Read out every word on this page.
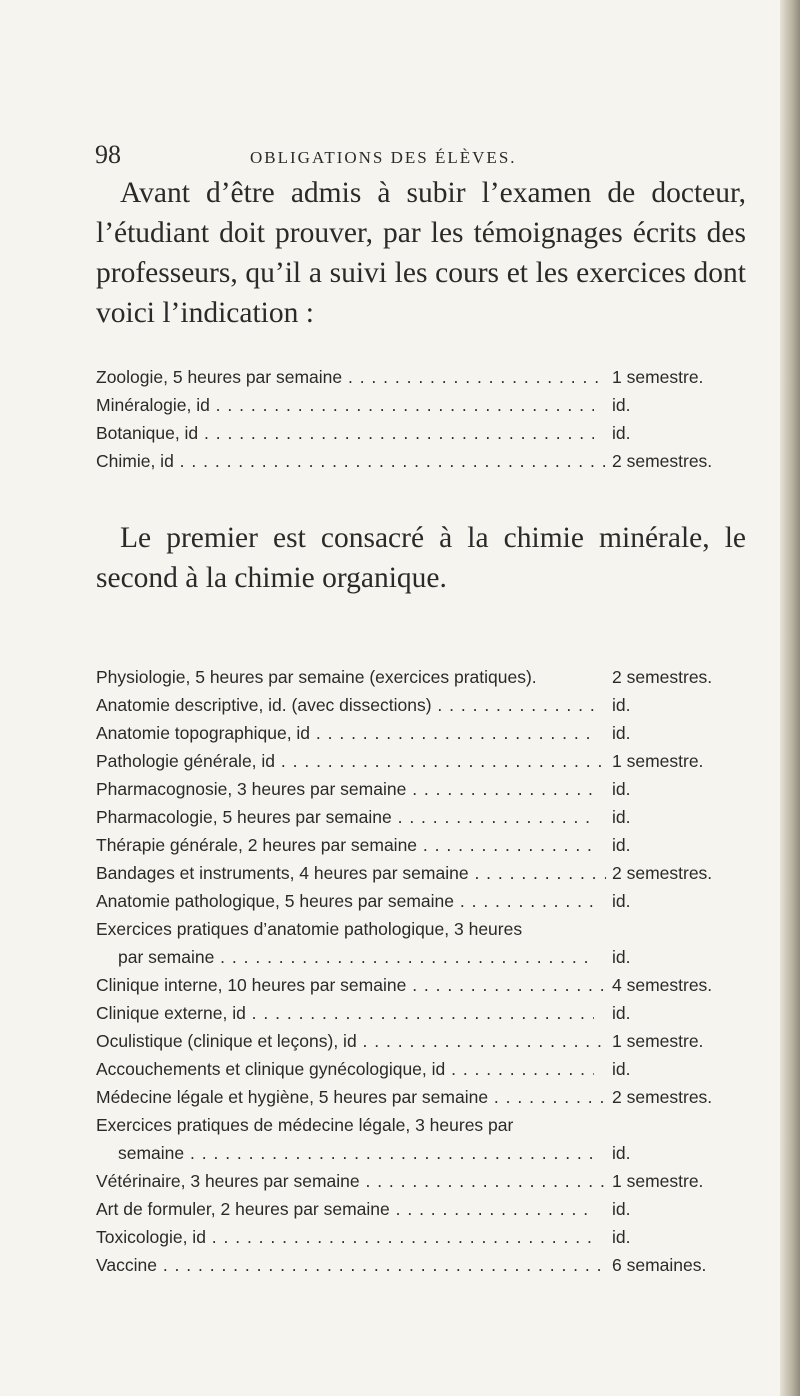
98	OBLIGATIONS DES ÉLÈVES.

Avant d’être admis à subir l’examen de docteur, l’étudiant doit prouver, par les témoignages écrits des professeurs, qu’il a suivi les cours et les exercices dont voici l’indication :

Zoologie, 5 heures par semaine . . .	1 semestre.
Minéralogie, id . . .	id.
Botanique, id . . .	id.
Chimie, id . . .	2 semestres.

Le premier est consacré à la chimie minérale, le second à la chimie organique.

Physiologie, 5 heures par semaine (exercices pratiques).	2 semestres.
Anatomie descriptive, id. (avec dissections) . . .	id.
Anatomie topographique, id . . .	id.
Pathologie générale, id . . .	1 semestre.
Pharmacognosie, 3 heures par semaine . . .	id.
Pharmacologie, 5 heures par semaine . . .	id.
Thérapie générale, 2 heures par semaine . . .	id.
Bandages et instruments, 4 heures par semaine . . .	2 semestres.
Anatomie pathologique, 5 heures par semaine . . .	id.
Exercices pratiques d’anatomie pathologique, 3 heures
par semaine . . .	id.
Clinique interne, 10 heures par semaine . . .	4 semestres.
Clinique externe, id . . .	id.
Oculistique (clinique et leçons), id . . .	1 semestre.
Accouchements et clinique gynécologique, id . . .	id.
Médecine légale et hygiène, 5 heures par semaine . . .	2 semestres.
Exercices pratiques de médecine légale, 3 heures par
semaine . . .	id.
Vétérinaire, 3 heures par semaine . . .	1 semestre.
Art de formuler, 2 heures par semaine . . .	id.
Toxicologie, id . . .	id.
Vaccine . . .	6 semaines.
